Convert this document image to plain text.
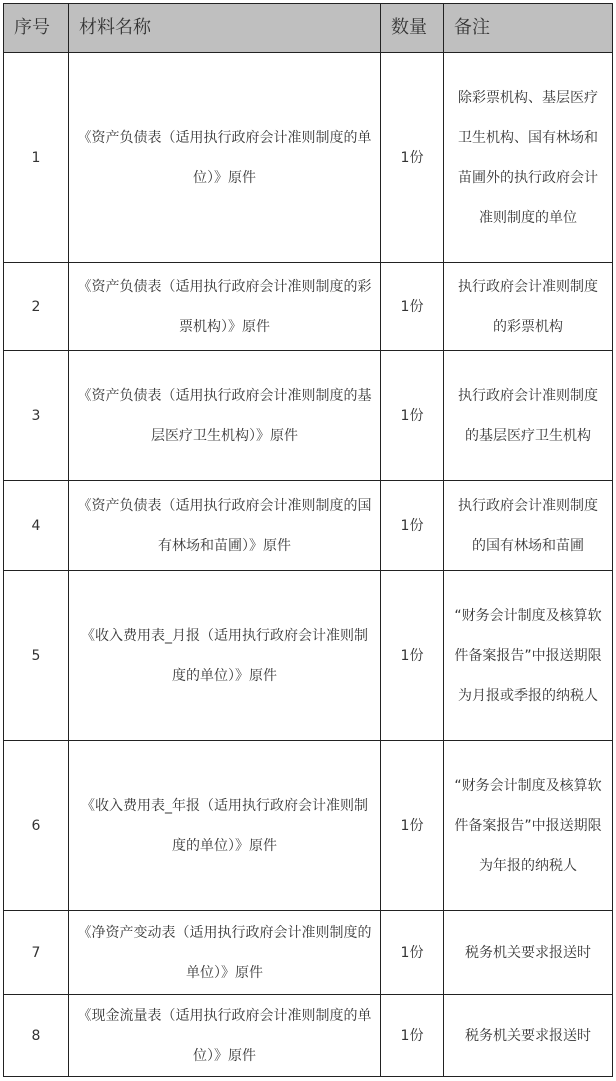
序号	材料名称	数量	备注
1	《资产负债表（适用执行政府会计准则制度的单位）》原件	1份	除彩票机构、基层医疗卫生机构、国有林场和苗圃外的执行政府会计准则制度的单位
2	《资产负债表（适用执行政府会计准则制度的彩票机构）》原件	1份	执行政府会计准则制度的彩票机构
3	《资产负债表（适用执行政府会计准则制度的基层医疗卫生机构）》原件	1份	执行政府会计准则制度的基层医疗卫生机构
4	《资产负债表（适用执行政府会计准则制度的国有林场和苗圃）》原件	1份	执行政府会计准则制度的国有林场和苗圃
5	《收入费用表_月报（适用执行政府会计准则制度的单位）》原件	1份	“财务会计制度及核算软件备案报告”中报送期限为月报或季报的纳税人
6	《收入费用表_年报（适用执行政府会计准则制度的单位）》原件	1份	“财务会计制度及核算软件备案报告”中报送期限为年报的纳税人
7	《净资产变动表（适用执行政府会计准则制度的单位）》原件	1份	税务机关要求报送时
8	《现金流量表（适用执行政府会计准则制度的单位）》原件	1份	税务机关要求报送时
